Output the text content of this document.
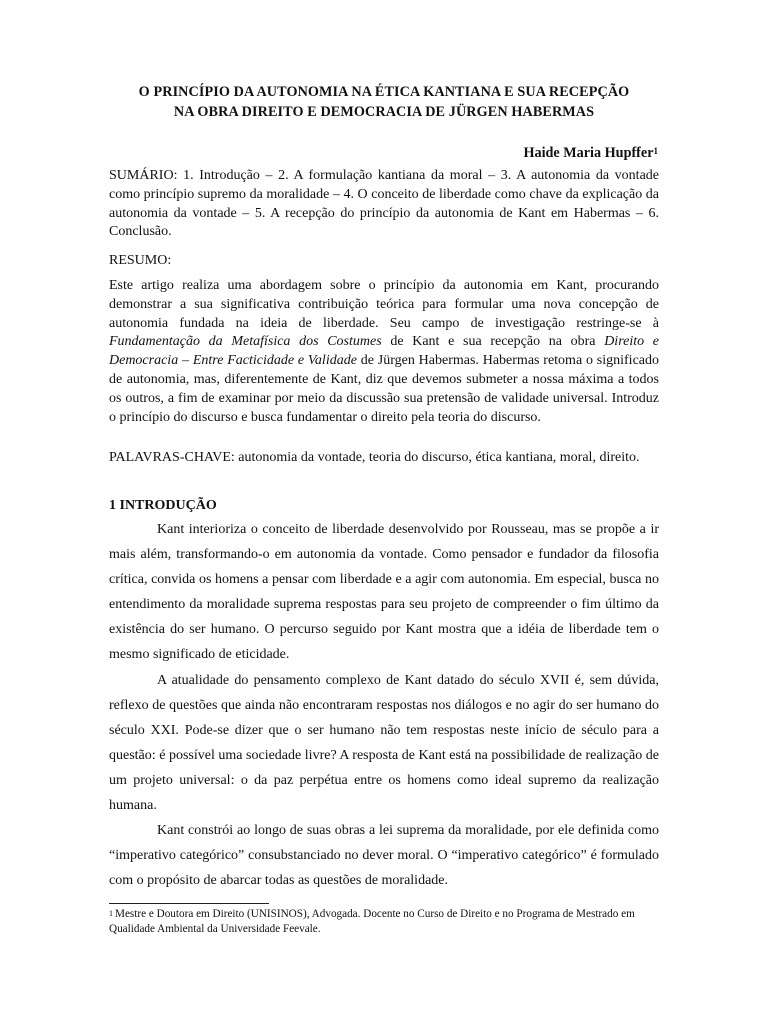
O PRINCÍPIO DA AUTONOMIA NA ÉTICA KANTIANA E SUA RECEPÇÃO
NA OBRA DIREITO E DEMOCRACIA DE JÜRGEN HABERMAS
Haide Maria Hupffer$^1$

SUMÁRIO: 1. Introdução – 2. A formulação kantiana da moral – 3. A autonomia da vontade como princípio supremo da moralidade – 4. O conceito de liberdade como chave da explicação da autonomia da vontade – 5. A recepção do princípio da autonomia de Kant em Habermas – 6. Conclusão.

RESUMO:

Este artigo realiza uma abordagem sobre o princípio da autonomia em Kant, procurando demonstrar a sua significativa contribuição teórica para formular uma nova concepção de autonomia fundada na ideia de liberdade. Seu campo de investigação restringe-se à Fundamentação da Metafísica dos Costumes de Kant e sua recepção na obra Direito e Democracia – Entre Facticidade e Validade de Jürgen Habermas. Habermas retoma o significado de autonomia, mas, diferentemente de Kant, diz que devemos submeter a nossa máxima a todos os outros, a fim de examinar por meio da discussão sua pretensão de validade universal. Introduz o princípio do discurso e busca fundamentar o direito pela teoria do discurso.

PALAVRAS-CHAVE: autonomia da vontade, teoria do discurso, ética kantiana, moral, direito.

1 INTRODUÇÃO

Kant interioriza o conceito de liberdade desenvolvido por Rousseau, mas se propõe a ir mais além, transformando-o em autonomia da vontade. Como pensador e fundador da filosofia crítica, convida os homens a pensar com liberdade e a agir com autonomia. Em especial, busca no entendimento da moralidade suprema respostas para seu projeto de compreender o fim último da existência do ser humano. O percurso seguido por Kant mostra que a idéia de liberdade tem o mesmo significado de eticidade.

A atualidade do pensamento complexo de Kant datado do século XVII é, sem dúvida, reflexo de questões que ainda não encontraram respostas nos diálogos e no agir do ser humano do século XXI. Pode-se dizer que o ser humano não tem respostas neste início de século para a questão: é possível uma sociedade livre? A resposta de Kant está na possibilidade de realização de um projeto universal: o da paz perpétua entre os homens como ideal supremo da realização humana.

Kant constrói ao longo de suas obras a lei suprema da moralidade, por ele definida como “imperativo categórico” consubstanciado no dever moral. O “imperativo categórico” é formulado com o propósito de abarcar todas as questões de moralidade.

$^1$ Mestre e Doutora em Direito (UNISINOS), Advogada. Docente no Curso de Direito e no Programa de Mestrado em Qualidade Ambiental da Universidade Feevale.
